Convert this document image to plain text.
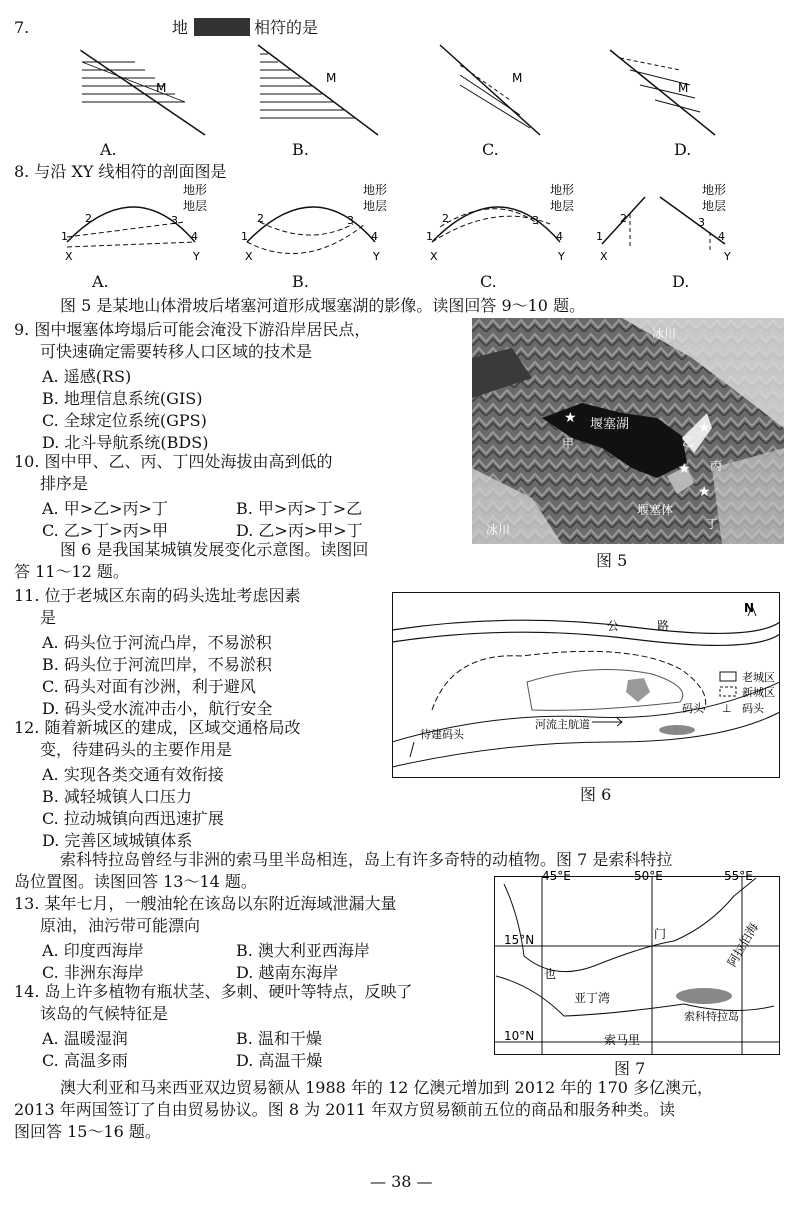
7.	地	相符的是
M
M	M
M
A.	B.	C.	D.
8. 与沿 XY 线相符的剖面图是
地形
地层
1
2	3
4
X	Y
地形
地层
1
2	3
4
X	Y
地形
地层
1
2	3
4
X	Y
地形
地层
1
2	3
4
X	Y
A.	B.	C.	D.
图 5 是某地山体滑坡后堵塞河道形成堰塞湖的影像。读图回答 9～10 题。
9. 图中堰塞体垮塌后可能会淹没下游沿岸居民点，
可快速确定需要转移人口区域的技术是
A. 遥感(RS)
B. 地理信息系统(GIS)
C. 全球定位系统(GPS)
D. 北斗导航系统(BDS)
10. 图中甲、乙、丙、丁四处海拔由高到低的
排序是
A. 甲>乙>丙>丁	B. 甲>丙>丁>乙
C. 乙>丁>丙>甲	D. 乙>丙>甲>丁
冰川
冰川
堰塞湖
堰塞体
★
甲
★
乙
★ 丙
★
丁
图 5
图 6 是我国某城镇发展变化示意图。读图回
答 11～12 题。
11. 位于老城区东南的码头选址考虑因素
是
A. 码头位于河流凸岸，不易淤积
B. 码头位于河流凹岸，不易淤积
C. 码头对面有沙洲，利于避风
D. 码头受水流冲击小，航行安全
12. 随着新城区的建成，区域交通格局改
变，待建码头的主要作用是
A. 实现各类交通有效衔接
B. 减轻城镇人口压力
C. 拉动城镇向西迅速扩展
D. 完善区域城镇体系
公	路
N
码头
河流主航道
待建码头
老城区
新城区
⊥ 码头
图 6
索科特拉岛曾经与非洲的索马里半岛相连，岛上有许多奇特的动植物。图 7 是索科特拉
岛位置图。读图回答 13～14 题。
13. 某年七月，一艘油轮在该岛以东附近海域泄漏大量
原油，油污带可能漂向
A. 印度西海岸	B. 澳大利亚西海岸
C. 非洲东海岸	D. 越南东海岸
14. 岛上许多植物有瓶状茎、多刺、硬叶等特点，反映了
该岛的气候特征是
A. 温暖湿润	B. 温和干燥
C. 高温多雨	D. 高温干燥
45°E	50°E	55°E
15°N
10°N
索科特拉岛
也
门
亚丁湾
阿拉伯海
索马里
图 7
澳大利亚和马来西亚双边贸易额从 1988 年的 12 亿澳元增加到 2012 年的 170 多亿澳元，
2013 年两国签订了自由贸易协议。图 8 为 2011 年双方贸易额前五位的商品和服务种类。读
图回答 15～16 题。
— 38 —
